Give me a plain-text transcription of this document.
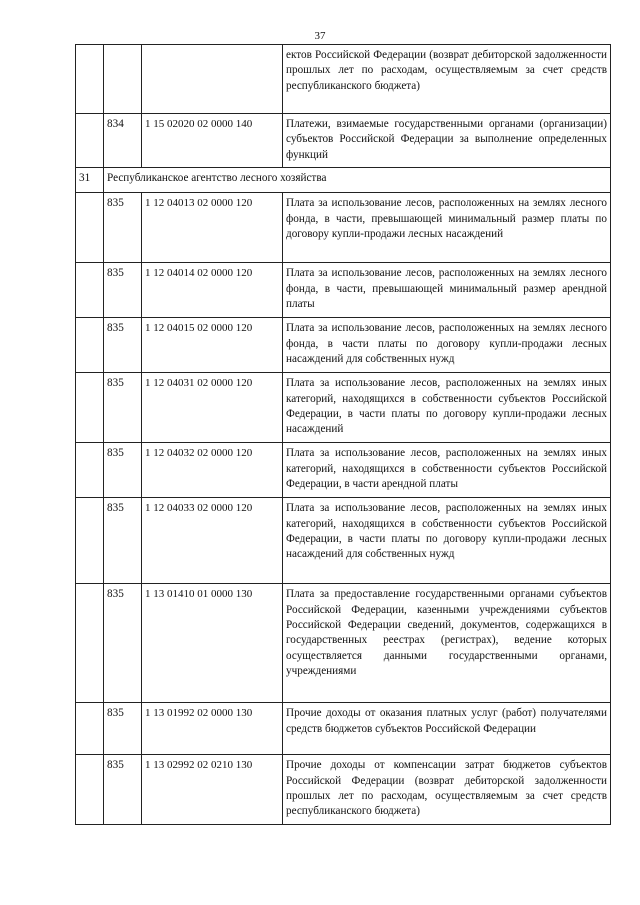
37
			ектов Российской Федерации (возврат дебиторской задолженности прошлых лет по расходам, осуществляемым за счет средств республиканского бюджета)
	834	1 15 02020 02 0000 140	Платежи, взимаемые государственными органами (организации) субъектов Российской Федерации за выполнение определенных функций
31	Республиканское агентство лесного хозяйства		
	835	1 12 04013 02 0000 120	Плата за использование лесов, расположенных на землях лесного фонда, в части, превышающей минимальный размер платы по договору купли-продажи лесных насаждений
	835	1 12 04014 02 0000 120	Плата за использование лесов, расположенных на землях лесного фонда, в части, превышающей минимальный размер арендной платы
	835	1 12 04015 02 0000 120	Плата за использование лесов, расположенных на землях лесного фонда, в части платы по договору купли-продажи лесных насаждений для собственных нужд
	835	1 12 04031 02 0000 120	Плата за использование лесов, расположенных на землях иных категорий, находящихся в собственности субъектов Российской Федерации, в части платы по договору купли-продажи лесных насаждений
	835	1 12 04032 02 0000 120	Плата за использование лесов, расположенных на землях иных категорий, находящихся в собственности субъектов Российской Федерации, в части арендной платы
	835	1 12 04033 02 0000 120	Плата за использование лесов, расположенных на землях иных категорий, находящихся в собственности субъектов Российской Федерации, в части платы по договору купли-продажи лесных насаждений для собственных нужд
	835	1 13 01410 01 0000 130	Плата за предоставление государственными органами субъектов Российской Федерации, казенными учреждениями субъектов Российской Федерации сведений, документов, содержащихся в государственных реестрах (регистрах), ведение которых осуществляется данными государственными органами, учреждениями
	835	1 13 01992 02 0000 130	Прочие доходы от оказания платных услуг (работ) получателями средств бюджетов субъектов Российской Федерации
	835	1 13 02992 02 0210 130	Прочие доходы от компенсации затрат бюджетов субъектов Российской Федерации (возврат дебиторской задолженности прошлых лет по расходам, осуществляемым за счет средств республиканского бюджета)
